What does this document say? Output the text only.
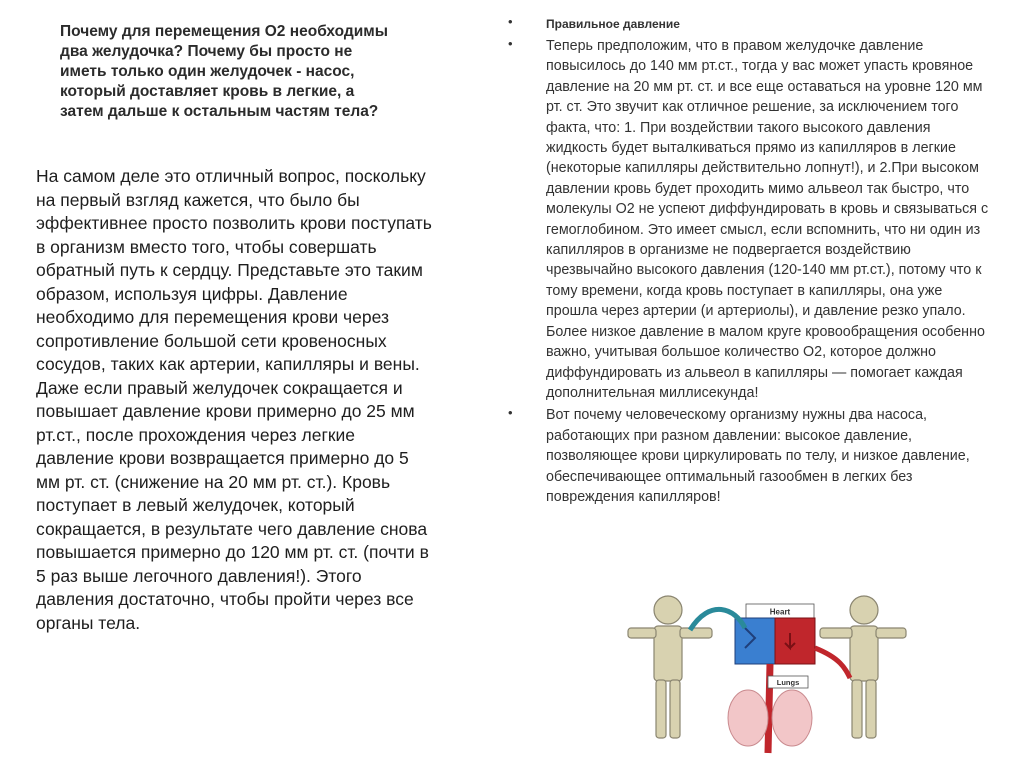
Почему для перемещения О2 необходимы два желудочка? Почему бы просто не иметь только один желудочек - насос, который доставляет кровь в легкие, а затем дальше к остальным частям тела?
На самом деле это отличный вопрос, поскольку на первый взгляд кажется, что было бы эффективнее просто позволить крови поступать в организм вместо того, чтобы совершать обратный путь к сердцу. Представьте это таким образом, используя цифры. Давление необходимо для перемещения крови через сопротивление большой сети кровеносных сосудов, таких как артерии, капилляры и вены. Даже если правый желудочек сокращается и повышает давление крови примерно до 25 мм рт.ст., после прохождения через легкие давление крови возвращается примерно до 5 мм рт. ст. (снижение на 20 мм рт. ст.). Кровь поступает в левый желудочек, который сокращается, в результате чего давление снова повышается примерно до 120 мм рт. ст. (почти в 5 раз выше легочного давления!). Этого давления достаточно, чтобы пройти через все органы тела.
•	Правильное давление
•	Теперь предположим, что в правом желудочке давление повысилось до 140 мм рт.ст., тогда у вас может упасть кровяное давление на 20 мм рт. ст. и все еще оставаться на уровне 120 мм рт. ст. Это звучит как отличное решение, за исключением того факта, что: 1. При воздействии такого высокого давления жидкость будет выталкиваться прямо из капилляров в легкие (некоторые капилляры действительно лопнут!), и 2.При высоком давлении кровь будет проходить мимо альвеол так быстро, что молекулы О2 не успеют диффундировать в кровь и связываться с гемоглобином. Это имеет смысл, если вспомнить, что ни один из капилляров в организме не подвергается воздействию чрезвычайно высокого давления (120-140 мм рт.ст.), потому что к тому времени, когда кровь поступает в капилляры, она уже прошла через артерии (и артериолы), и давление резко упало. Более низкое давление в малом круге кровообращения особенно важно, учитывая большое количество О2, которое должно диффундировать из альвеол в капилляры — помогает каждая дополнительная миллисекунда!
•	Вот почему человеческому организму нужны два насоса, работающих при разном давлении: высокое давление, позволяющее крови циркулировать по телу, и низкое давление, обеспечивающее оптимальный газообмен в легких без повреждения капилляров!
Heart
Lungs
